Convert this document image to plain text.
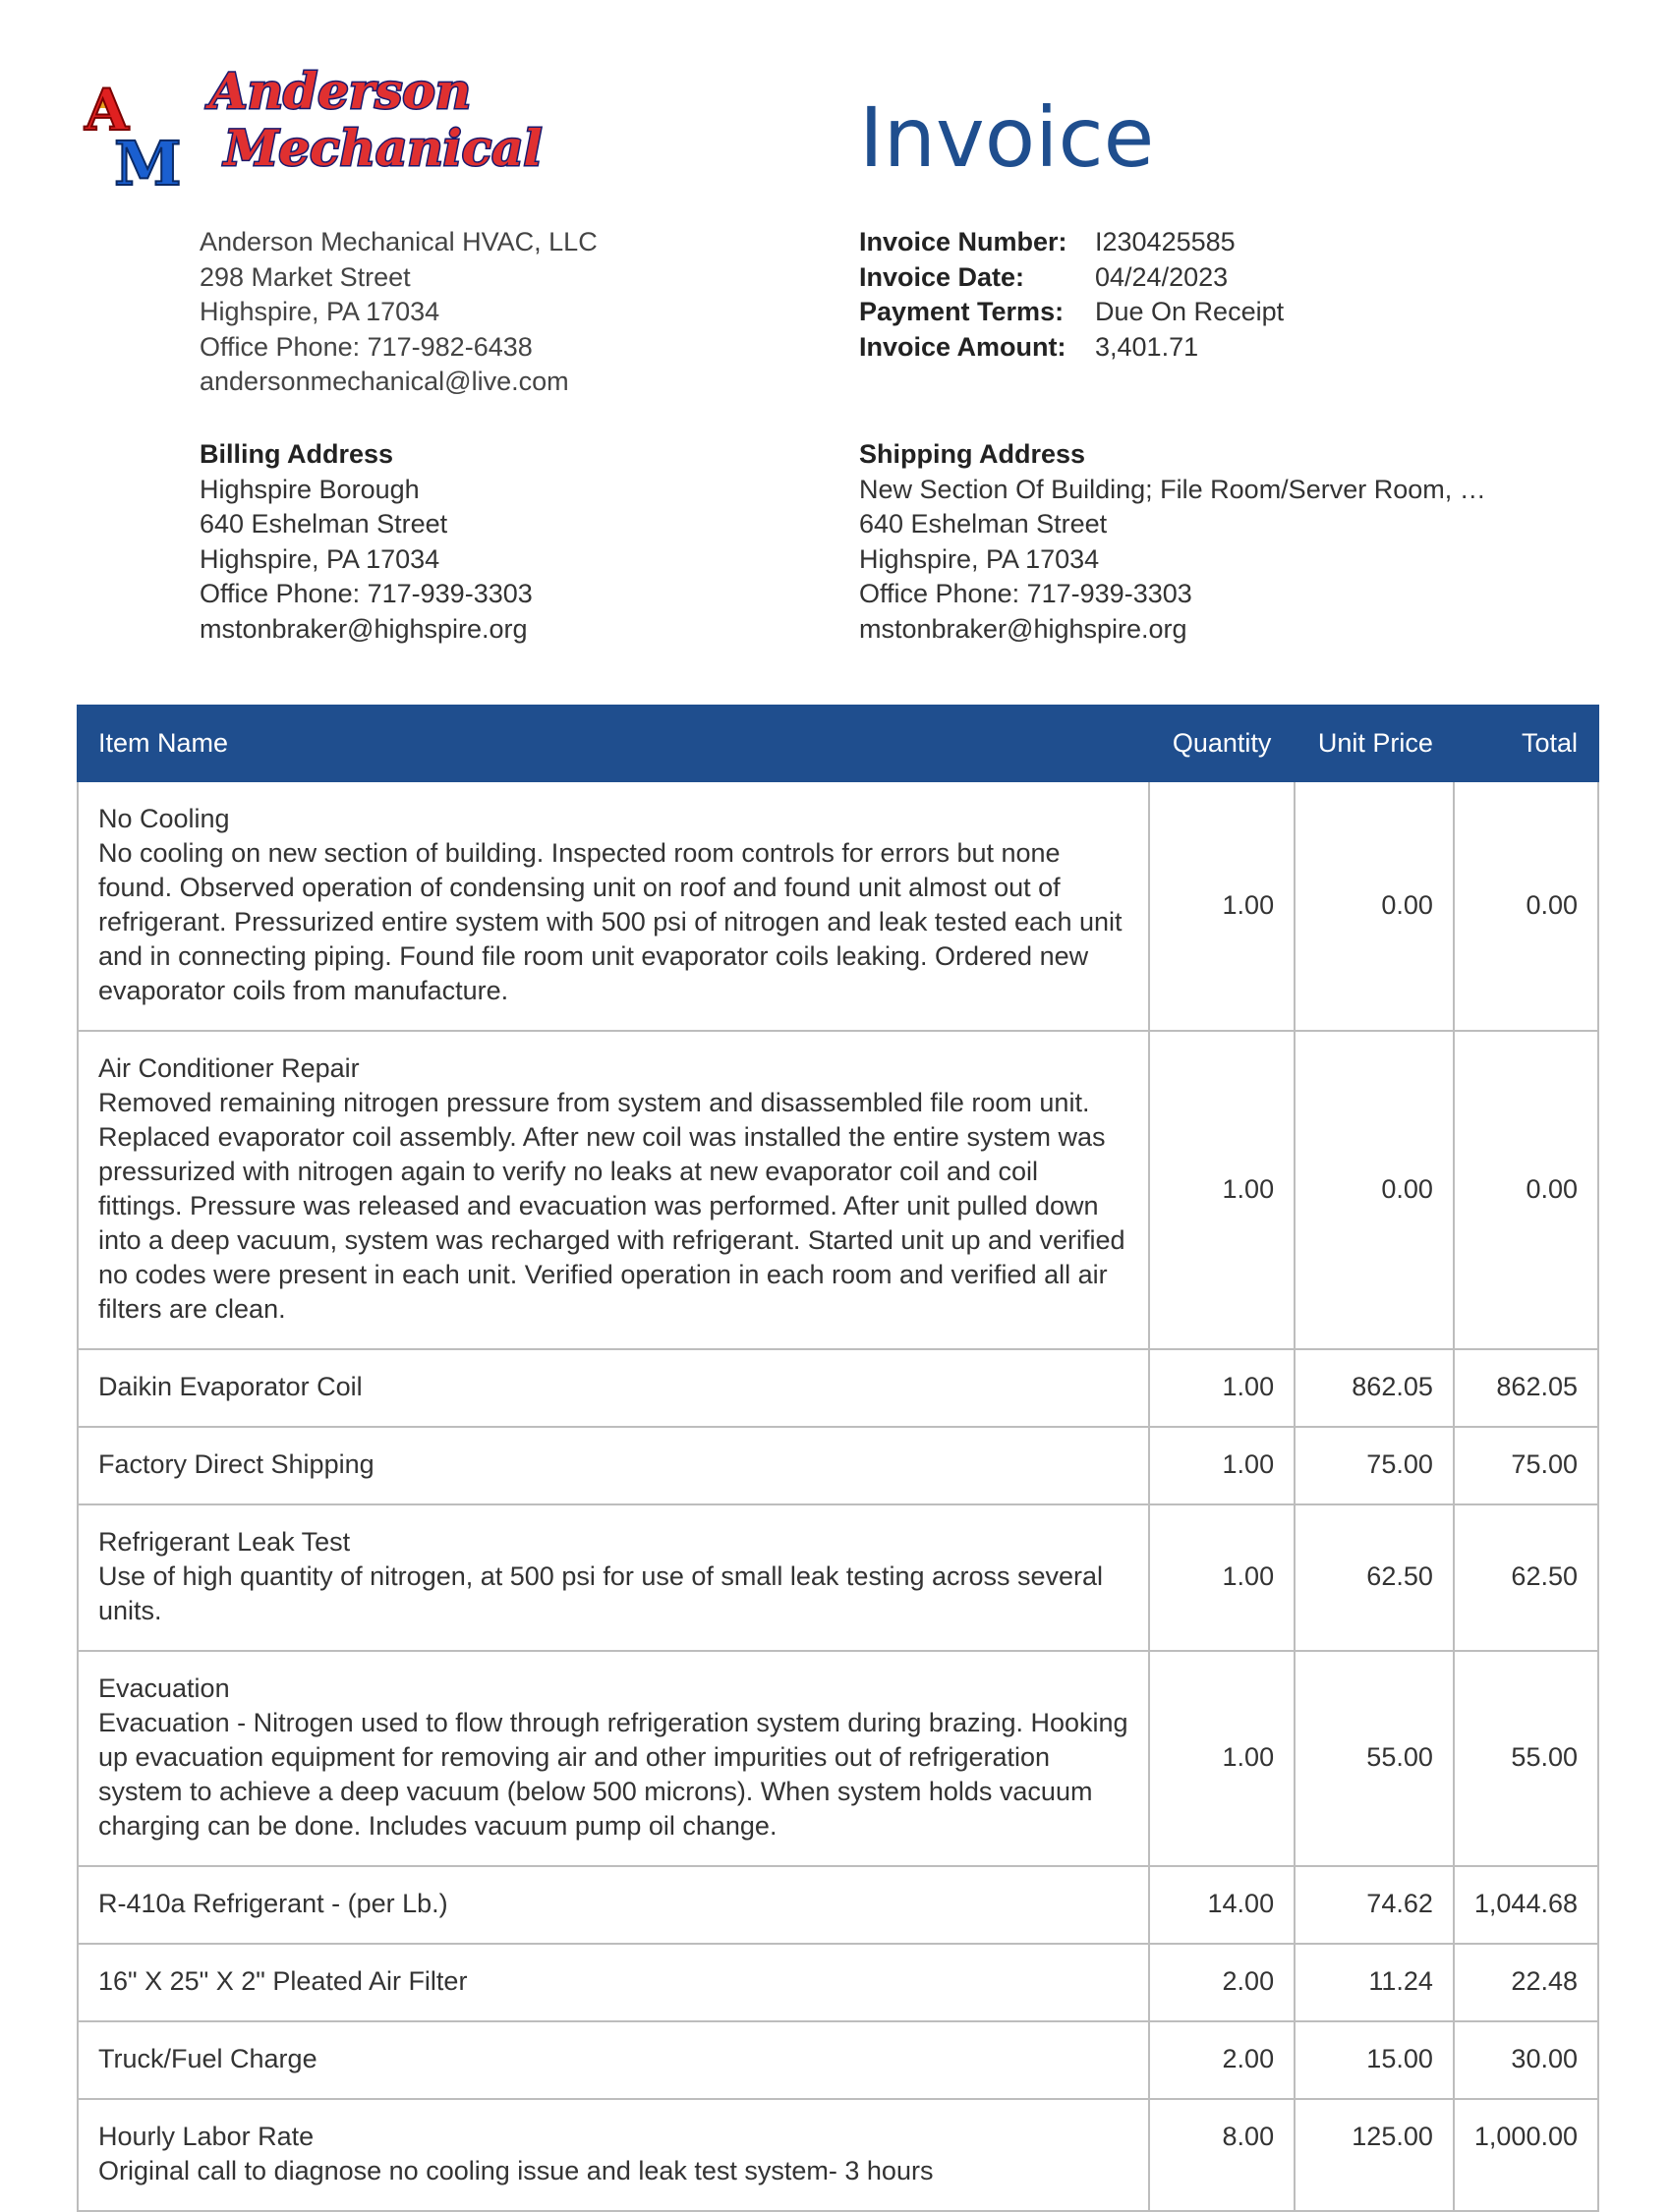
A
M
Anderson
Mechanical	Invoice
Anderson Mechanical HVAC, LLC
298 Market Street
Highspire, PA 17034
Office Phone: 717-982-6438
andersonmechanical@live.com
Invoice Number:	I230425585
Invoice Date:	04/24/2023
Payment Terms:	Due On Receipt
Invoice Amount:	3,401.71
Billing Address
Highspire Borough
640 Eshelman Street
Highspire, PA 17034
Office Phone: 717-939-3303
mstonbraker@highspire.org
Shipping Address
New Section Of Building; File Room/Server Room, …
640 Eshelman Street
Highspire, PA 17034
Office Phone: 717-939-3303
mstonbraker@highspire.org
Item Name	Quantity	Unit Price	Total
No Cooling
No cooling on new section of building. Inspected room controls for errors but none found. Observed operation of condensing unit on roof and found unit almost out of refrigerant. Pressurized entire system with 500 psi of nitrogen and leak tested each unit and in connecting piping. Found file room unit evaporator coils leaking. Ordered new evaporator coils from manufacture.	1.00	0.00	0.00
Air Conditioner Repair
Removed remaining nitrogen pressure from system and disassembled file room unit. Replaced evaporator coil assembly. After new coil was installed the entire system was pressurized with nitrogen again to verify no leaks at new evaporator coil and coil fittings. Pressure was released and evacuation was performed. After unit pulled down into a deep vacuum, system was recharged with refrigerant. Started unit up and verified no codes were present in each unit. Verified operation in each room and verified all air filters are clean.	1.00	0.00	0.00
Daikin Evaporator Coil	1.00	862.05	862.05
Factory Direct Shipping	1.00	75.00	75.00
Refrigerant Leak Test
Use of high quantity of nitrogen, at 500 psi for use of small leak testing across several units.	1.00	62.50	62.50
Evacuation
Evacuation - Nitrogen used to flow through refrigeration system during brazing. Hooking up evacuation equipment for removing air and other impurities out of refrigeration system to achieve a deep vacuum (below 500 microns). When system holds vacuum charging can be done. Includes vacuum pump oil change.	1.00	55.00	55.00
R-410a Refrigerant - (per Lb.)	14.00	74.62	1,044.68
16" X 25" X 2" Pleated Air Filter	2.00	11.24	22.48
Truck/Fuel Charge	2.00	15.00	30.00
Hourly Labor Rate
Original call to diagnose no cooling issue and leak test system- 3 hours	8.00	125.00	1,000.00
